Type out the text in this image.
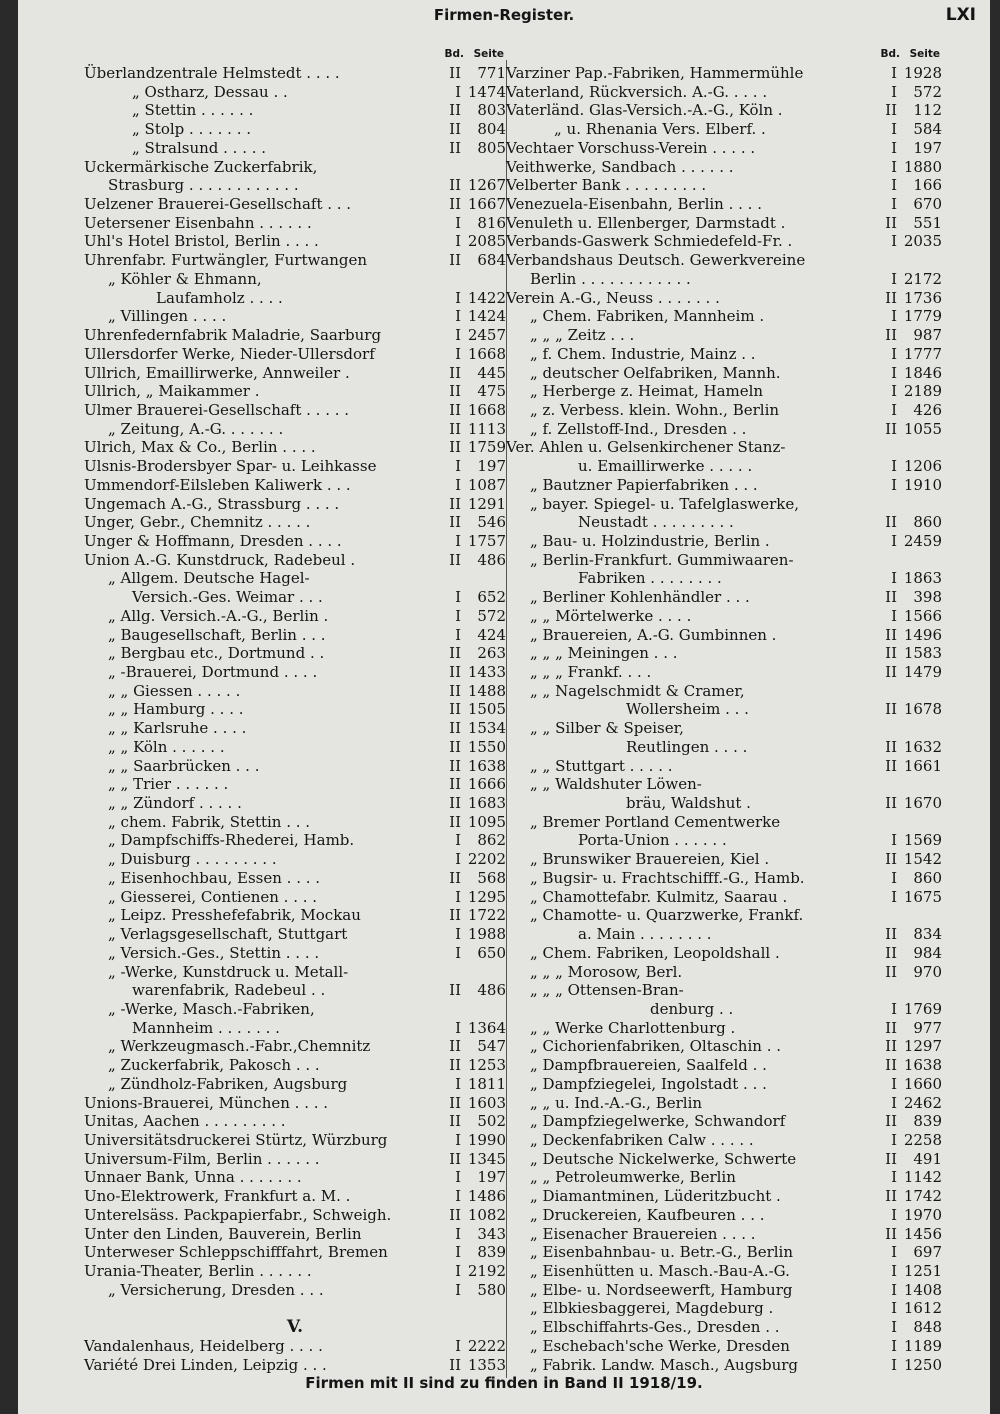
Firmen-Register.	LXI
Bd. Seite
Überlandzentrale Helmstedt . . . .	II 771
„ Ostharz, Dessau . .	I 1474
„ Stettin . . . . . .	II 803
„ Stolp . . . . . . .	II 804
„ Stralsund . . . . .	II 805
Uckermärkische Zuckerfabrik,
Strasburg . . . . . . . . . . . .	II 1267
Uelzener Brauerei-Gesellschaft . . .	II 1667
Uetersener Eisenbahn . . . . . .	I 816
Uhl's Hotel Bristol, Berlin . . . .	I 2085
Uhrenfabr. Furtwängler, Furtwangen	II 684
„ Köhler & Ehmann,
Laufamholz . . . .	I 1422
„ Villingen . . . .	I 1424
Uhrenfedernfabrik Maladrie, Saarburg	I 2457
Ullersdorfer Werke, Nieder-Ullersdorf	I 1668
Ullrich, Emaillirwerke, Annweiler .	II 445
Ullrich, „ Maikammer .	II 475
Ulmer Brauerei-Gesellschaft . . . . .	II 1668
„ Zeitung, A.-G. . . . . . .	II 1113
Ulrich, Max & Co., Berlin . . . .	II 1759
Ulsnis-Brodersbyer Spar- u. Leihkasse	I 197
Ummendorf-Eilsleben Kaliwerk . . .	I 1087
Ungemach A.-G., Strassburg . . . .	II 1291
Unger, Gebr., Chemnitz . . . . .	II 546
Unger & Hoffmann, Dresden . . . .	I 1757
Union A.-G. Kunstdruck, Radebeul .	II 486
„ Allgem. Deutsche Hagel-
Versich.-Ges. Weimar . . .	I 652
„ Allg. Versich.-A.-G., Berlin .	I 572
„ Baugesellschaft, Berlin . . .	I 424
„ Bergbau etc., Dortmund . .	II 263
„ -Brauerei, Dortmund . . . .	II 1433
„ „ Giessen . . . . .	II 1488
„ „ Hamburg . . . .	II 1505
„ „ Karlsruhe . . . .	II 1534
„ „ Köln . . . . . .	II 1550
„ „ Saarbrücken . . .	II 1638
„ „ Trier . . . . . .	II 1666
„ „ Zündorf . . . . .	II 1683
„ chem. Fabrik, Stettin . . .	II 1095
„ Dampfschiffs-Rhederei, Hamb.	I 862
„ Duisburg . . . . . . . . .	I 2202
„ Eisenhochbau, Essen . . . .	II 568
„ Giesserei, Contienen . . . .	I 1295
„ Leipz. Presshefefabrik, Mockau	II 1722
„ Verlagsgesellschaft, Stuttgart	I 1988
„ Versich.-Ges., Stettin . . . .	I 650
„ -Werke, Kunstdruck u. Metall-
warenfabrik, Radebeul . .	II 486
„ -Werke, Masch.-Fabriken,
Mannheim . . . . . . .	I 1364
„ Werkzeugmasch.-Fabr.,Chemnitz	II 547
„ Zuckerfabrik, Pakosch . . .	II 1253
„ Zündholz-Fabriken, Augsburg	I 1811
Unions-Brauerei, München . . . .	II 1603
Unitas, Aachen . . . . . . . . .	II 502
Universitätsdruckerei Stürtz, Würzburg	I 1990
Universum-Film, Berlin . . . . . .	II 1345
Unnaer Bank, Unna . . . . . . .	I 197
Uno-Elektrowerk, Frankfurt a. M. .	I 1486
Unterelsäss. Packpapierfabr., Schweigh.	II 1082
Unter den Linden, Bauverein, Berlin	I 343
Unterweser Schleppschifffahrt, Bremen	I 839
Urania-Theater, Berlin . . . . . .	I 2192
„ Versicherung, Dresden . . .	I 580
V.
Vandalenhaus, Heidelberg . . . .	I 2222
Variété Drei Linden, Leipzig . . .	II 1353
Bd. Seite
Varziner Pap.-Fabriken, Hammermühle	I 1928
Vaterland, Rückversich. A.-G. . . . .	I 572
Vaterländ. Glas-Versich.-A.-G., Köln .	II 112
„ u. Rhenania Vers. Elberf. .	I 584
Vechtaer Vorschuss-Verein . . . . .	I 197
Veithwerke, Sandbach . . . . . .	I 1880
Velberter Bank . . . . . . . . .	I 166
Venezuela-Eisenbahn, Berlin . . . .	I 670
Venuleth u. Ellenberger, Darmstadt .	II 551
Verbands-Gaswerk Schmiedefeld-Fr. .	I 2035
Verbandshaus Deutsch. Gewerkvereine
Berlin . . . . . . . . . . . .	I 2172
Verein A.-G., Neuss . . . . . . .	II 1736
„ Chem. Fabriken, Mannheim .	I 1779
„ „ „ Zeitz . . .	II 987
„ f. Chem. Industrie, Mainz . .	I 1777
„ deutscher Oelfabriken, Mannh.	I 1846
„ Herberge z. Heimat, Hameln	I 2189
„ z. Verbess. klein. Wohn., Berlin	I 426
„ f. Zellstoff-Ind., Dresden . .	II 1055
Ver. Ahlen u. Gelsenkirchener Stanz-
u. Emaillirwerke . . . . .	I 1206
„ Bautzner Papierfabriken . . .	I 1910
„ bayer. Spiegel- u. Tafelglaswerke,
Neustadt . . . . . . . . .	II 860
„ Bau- u. Holzindustrie, Berlin .	I 2459
„ Berlin-Frankfurt. Gummiwaaren-
Fabriken . . . . . . . .	I 1863
„ Berliner Kohlenhändler . . .	II 398
„ „ Mörtelwerke . . . .	I 1566
„ Brauereien, A.-G. Gumbinnen .	II 1496
„ „ „ Meiningen . . .	II 1583
„ „ „ Frankf. . . .	II 1479
„ „ Nagelschmidt & Cramer,
Wollersheim . . .	II 1678
„ „ Silber & Speiser,
Reutlingen . . . .	II 1632
„ „ Stuttgart . . . . .	II 1661
„ „ Waldshuter Löwen-
bräu, Waldshut .	II 1670
„ Bremer Portland Cementwerke
Porta-Union . . . . . .	I 1569
„ Brunswiker Brauereien, Kiel .	II 1542
„ Bugsir- u. Frachtschifff.-G., Hamb.	I 860
„ Chamottefabr. Kulmitz, Saarau .	I 1675
„ Chamotte- u. Quarzwerke, Frankf.
a. Main . . . . . . . .	II 834
„ Chem. Fabriken, Leopoldshall .	II 984
„ „ „ Morosow, Berl.	II 970
„ „ „ Ottensen-Bran-
denburg . .	I 1769
„ „ Werke Charlottenburg .	II 977
„ Cichorienfabriken, Oltaschin . .	II 1297
„ Dampfbrauereien, Saalfeld . .	II 1638
„ Dampfziegelei, Ingolstadt . . .	I 1660
„ „ u. Ind.-A.-G., Berlin	I 2462
„ Dampfziegelwerke, Schwandorf	II 839
„ Deckenfabriken Calw . . . . .	I 2258
„ Deutsche Nickelwerke, Schwerte	II 491
„ „ Petroleumwerke, Berlin	I 1142
„ Diamantminen, Lüderitzbucht .	II 1742
„ Druckereien, Kaufbeuren . . .	I 1970
„ Eisenacher Brauereien . . . .	II 1456
„ Eisenbahnbau- u. Betr.-G., Berlin	I 697
„ Eisenhütten u. Masch.-Bau-A.-G.	I 1251
„ Elbe- u. Nordseewerft, Hamburg	I 1408
„ Elbkiesbaggerei, Magdeburg .	I 1612
„ Elbschiffahrts-Ges., Dresden . .	I 848
„ Eschebach'sche Werke, Dresden	I 1189
„ Fabrik. Landw. Masch., Augsburg	I 1250
Firmen mit II sind zu finden in Band II 1918/19.
